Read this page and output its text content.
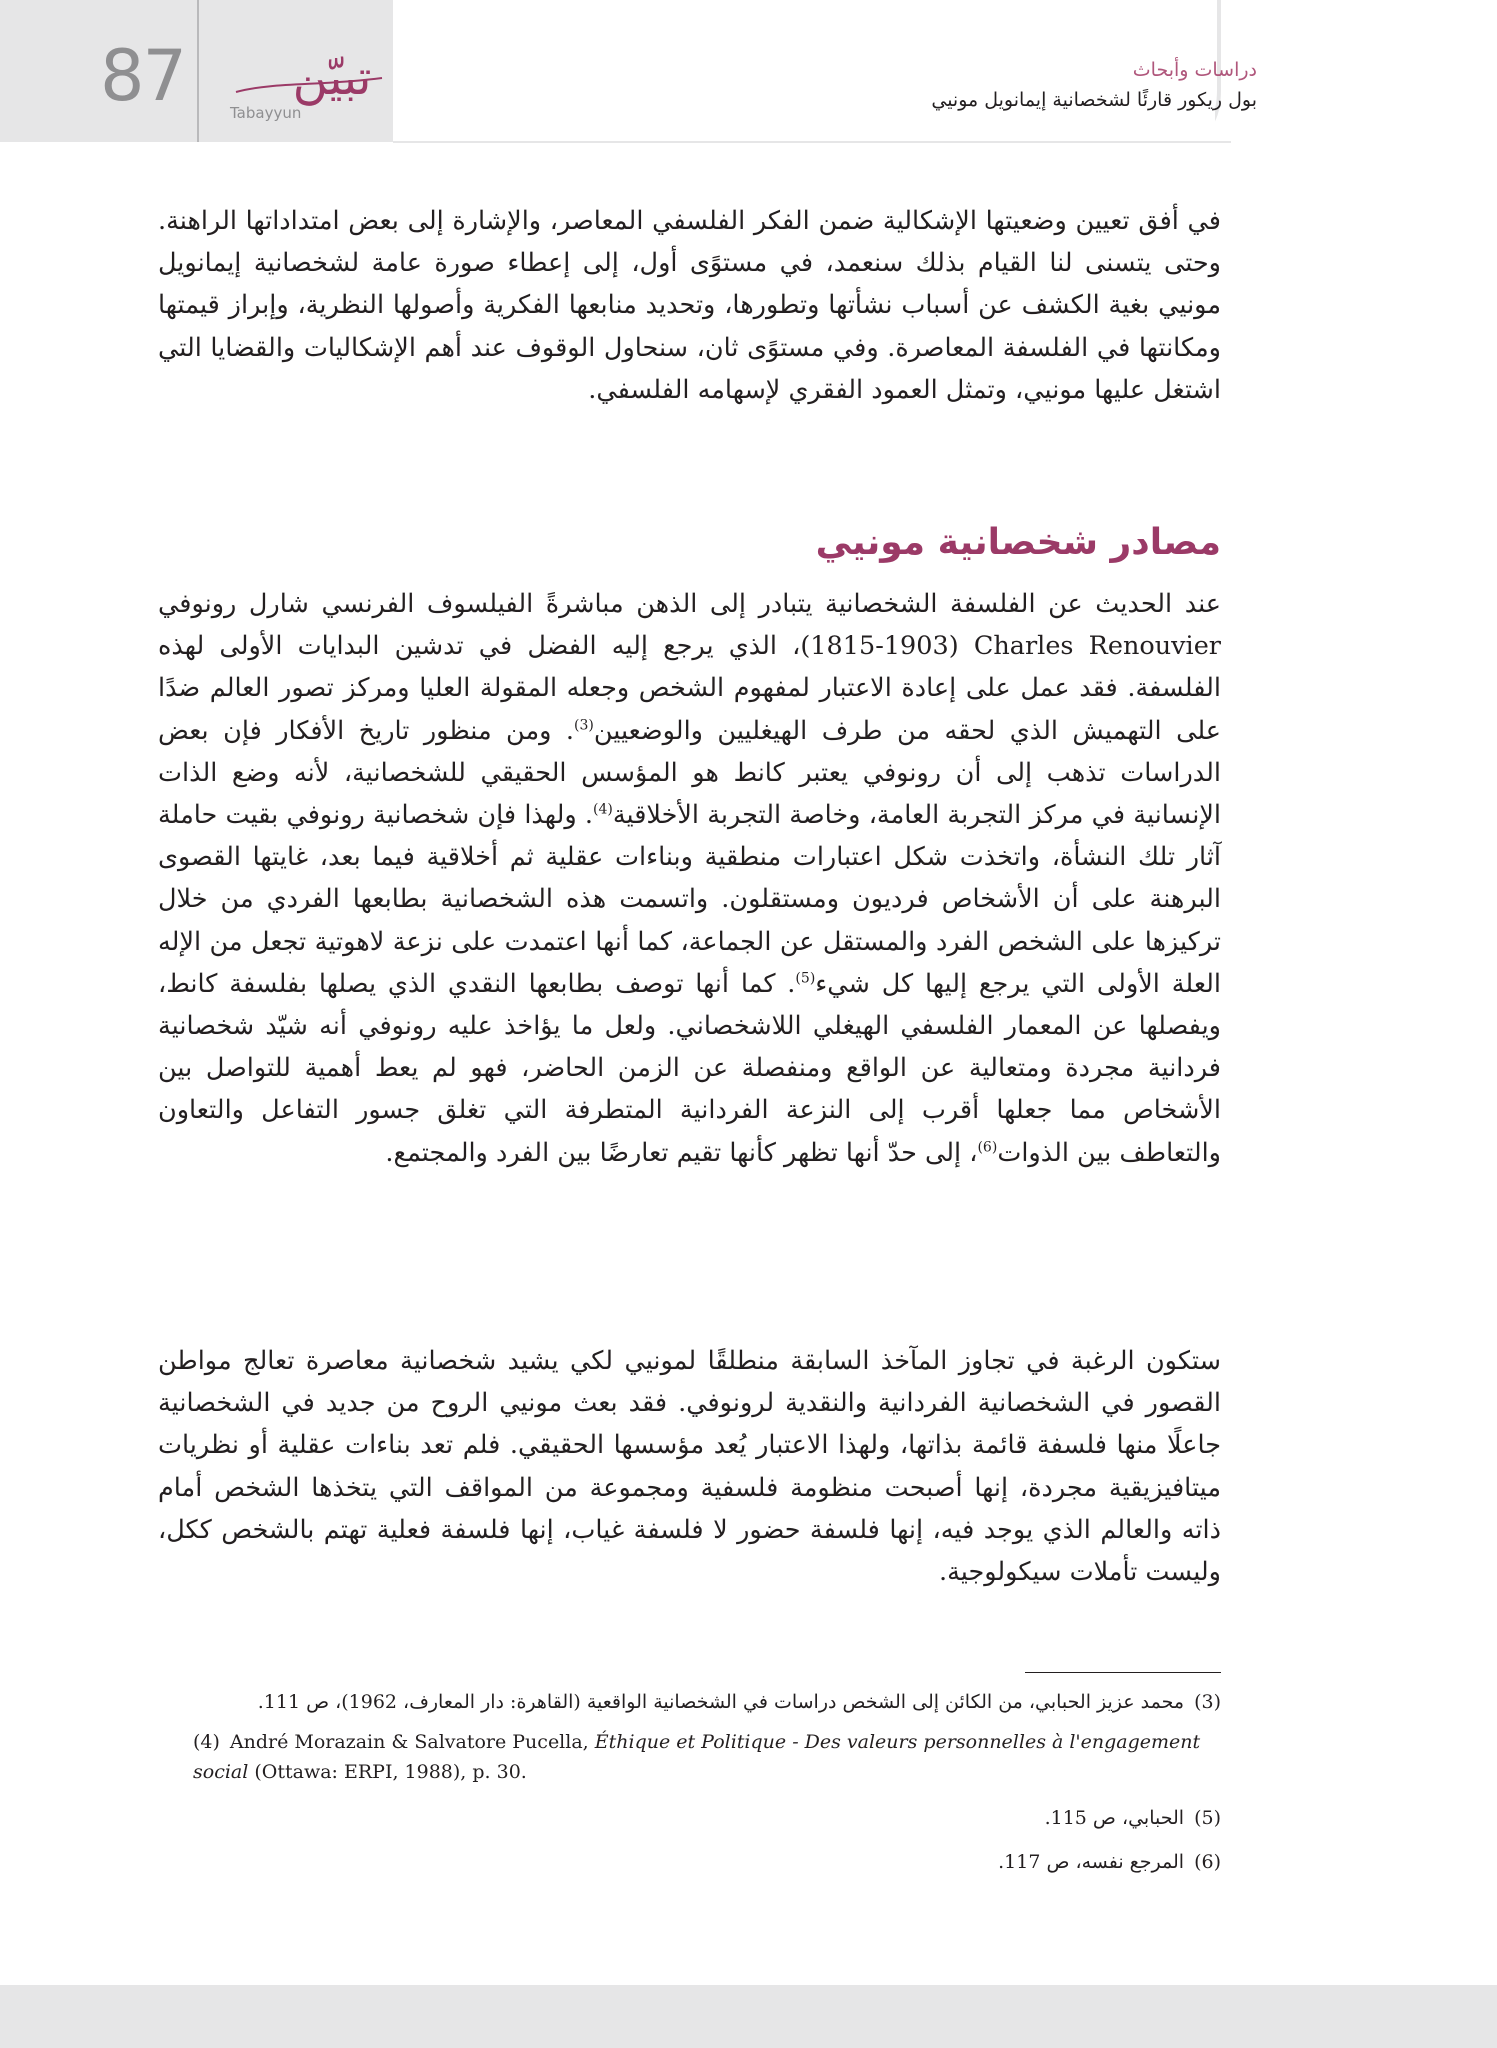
87 تبيّن
Tabayyun
دراسات وأبحاث
بول ريكور قارئًا لشخصانية إيمانويل مونيي

في أفق تعيين وضعيتها الإشكالية ضمن الفكر الفلسفي المعاصر، والإشارة إلى بعض امتداداتها الراهنة. وحتى يتسنى لنا القيام بذلك سنعمد، في مستوًى أول، إلى إعطاء صورة عامة لشخصانية إيمانويل مونيي بغية الكشف عن أسباب نشأتها وتطورها، وتحديد منابعها الفكرية وأصولها النظرية، وإبراز قيمتها ومكانتها في الفلسفة المعاصرة. وفي مستوًى ثان، سنحاول الوقوف عند أهم الإشكاليات والقضايا التي اشتغل عليها مونيي، وتمثل العمود الفقري لإسهامه الفلسفي.

مصادر شخصانية مونيي

عند الحديث عن الفلسفة الشخصانية يتبادر إلى الذهن مباشرةً الفيلسوف الفرنسي شارل رونوفي (1815-1903) Charles Renouvier، الذي يرجع إليه الفضل في تدشين البدايات الأولى لهذه الفلسفة. فقد عمل على إعادة الاعتبار لمفهوم الشخص وجعله المقولة العليا ومركز تصور العالم ضدًا على التهميش الذي لحقه من طرف الهيغليين والوضعيين$^{(3)}$. ومن منظور تاريخ الأفكار فإن بعض الدراسات تذهب إلى أن رونوفي يعتبر كانط هو المؤسس الحقيقي للشخصانية، لأنه وضع الذات الإنسانية في مركز التجربة العامة، وخاصة التجربة الأخلاقية$^{(4)}$. ولهذا فإن شخصانية رونوفي بقيت حاملة آثار تلك النشأة، واتخذت شكل اعتبارات منطقية وبناءات عقلية ثم أخلاقية فيما بعد، غايتها القصوى البرهنة على أن الأشخاص فرديون ومستقلون. واتسمت هذه الشخصانية بطابعها الفردي من خلال تركيزها على الشخص الفرد والمستقل عن الجماعة، كما أنها اعتمدت على نزعة لاهوتية تجعل من الإله العلة الأولى التي يرجع إليها كل شيء$^{(5)}$. كما أنها توصف بطابعها النقدي الذي يصلها بفلسفة كانط، ويفصلها عن المعمار الفلسفي الهيغلي اللاشخصاني. ولعل ما يؤاخذ عليه رونوفي أنه شيّد شخصانية فردانية مجردة ومتعالية عن الواقع ومنفصلة عن الزمن الحاضر، فهو لم يعط أهمية للتواصل بين الأشخاص مما جعلها أقرب إلى النزعة الفردانية المتطرفة التي تغلق جسور التفاعل والتعاون والتعاطف بين الذوات$^{(6)}$، إلى حدّ أنها تظهر كأنها تقيم تعارضًا بين الفرد والمجتمع.

ستكون الرغبة في تجاوز المآخذ السابقة منطلقًا لمونيي لكي يشيد شخصانية معاصرة تعالج مواطن القصور في الشخصانية الفردانية والنقدية لرونوفي. فقد بعث مونيي الروح من جديد في الشخصانية جاعلًا منها فلسفة قائمة بذاتها، ولهذا الاعتبار يُعد مؤسسها الحقيقي. فلم تعد بناءات عقلية أو نظريات ميتافيزيقية مجردة، إنها أصبحت منظومة فلسفية ومجموعة من المواقف التي يتخذها الشخص أمام ذاته والعالم الذي يوجد فيه، إنها فلسفة حضور لا فلسفة غياب، إنها فلسفة فعلية تهتم بالشخص ككل، وليست تأملات سيكولوجية.

(3)محمد عزيز الحبابي، من الكائن إلى الشخص دراسات في الشخصانية الواقعية (القاهرة: دار المعارف، 1962)، ص 111.

(4) André Morazain & Salvatore Pucella, Éthique et Politique - Des valeurs personnelles à l'engagement social (Ottawa: ERPI, 1988), p. 30.

(5)الحبابي، ص 115.

(6)المرجع نفسه، ص 117.
